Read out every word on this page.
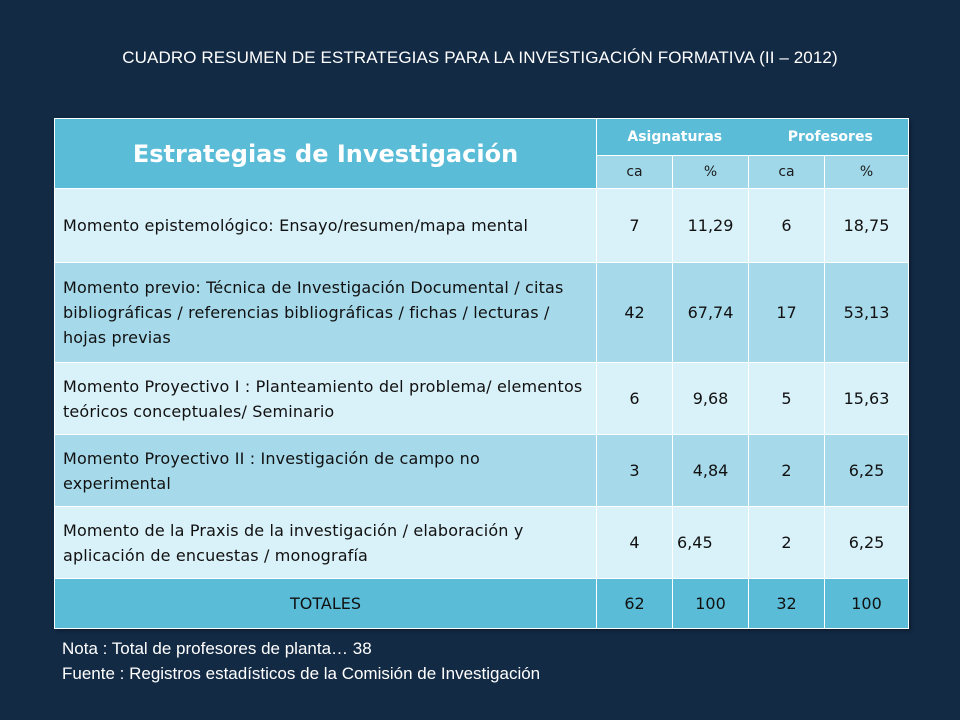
CUADRO RESUMEN DE ESTRATEGIAS PARA LA INVESTIGACIÓN FORMATIVA (II – 2012)
Estrategias de Investigación	Asignaturas Profesores			

	ca	%	ca	%
Momento epistemológico: Ensayo/resumen/mapa mental	7	11,29	6	18,75
Momento previo: Técnica de Investigación Documental / citas bibliográficas / referencias bibliográficas / fichas / lecturas / hojas previas	42	67,74	17	53,13
Momento Proyectivo I : Planteamiento del problema/ elementos teóricos conceptuales/ Seminario	6	9,68	5	15,63
Momento Proyectivo II : Investigación de campo no experimental	3	4,84	2	6,25
Momento de la Praxis de la investigación / elaboración y aplicación de encuestas / monografía	4	6,45	2	6,25
TOTALES	62	100	32	100
Nota : Total de profesores de planta… 38
Fuente : Registros estadísticos de la Comisión de Investigación
